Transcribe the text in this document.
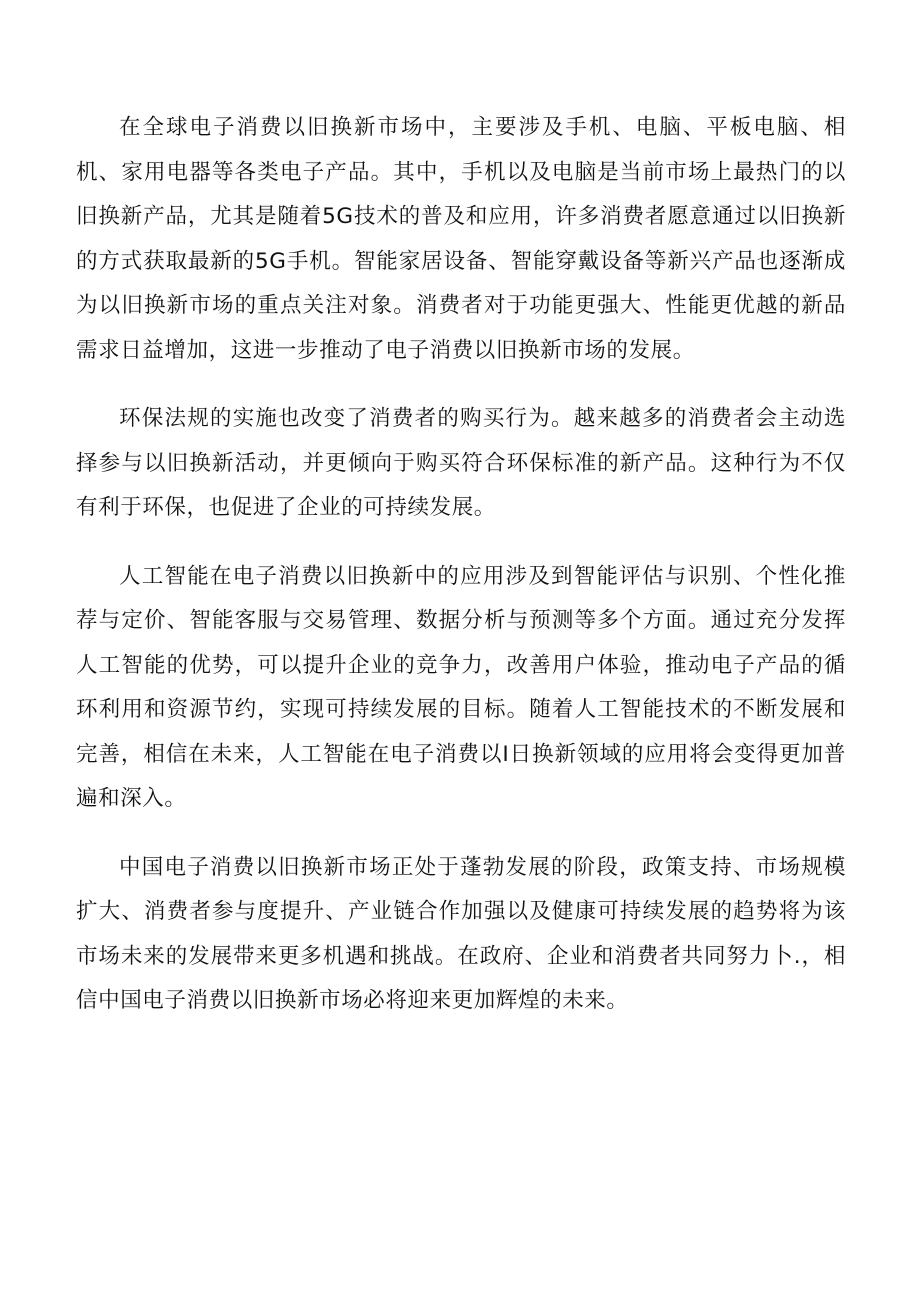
在全球电子消费以旧换新市场中，主要涉及手机、电脑、平板电脑、相机、家用电器等各类电子产品。其中，手机以及电脑是当前市场上最热门的以旧换新产品，尤其是随着5G技术的普及和应用，许多消费者愿意通过以旧换新的方式获取最新的5G手机。智能家居设备、智能穿戴设备等新兴产品也逐渐成为以旧换新市场的重点关注对象。消费者对于功能更强大、性能更优越的新品需求日益增加，这进一步推动了电子消费以旧换新市场的发展。

环保法规的实施也改变了消费者的购买行为。越来越多的消费者会主动选择参与以旧换新活动，并更倾向于购买符合环保标准的新产品。这种行为不仅有利于环保，也促进了企业的可持续发展。

人工智能在电子消费以旧换新中的应用涉及到智能评估与识别、个性化推荐与定价、智能客服与交易管理、数据分析与预测等多个方面。通过充分发挥人工智能的优势，可以提升企业的竞争力，改善用户体验，推动电子产品的循环利用和资源节约，实现可持续发展的目标。随着人工智能技术的不断发展和完善，相信在未来，人工智能在电子消费以I日换新领域的应用将会变得更加普遍和深入。

中国电子消费以旧换新市场正处于蓬勃发展的阶段，政策支持、市场规模扩大、消费者参与度提升、产业链合作加强以及健康可持续发展的趋势将为该市场未来的发展带来更多机遇和挑战。在政府、企业和消费者共同努力卜.，相信中国电子消费以旧换新市场必将迎来更加辉煌的未来。
